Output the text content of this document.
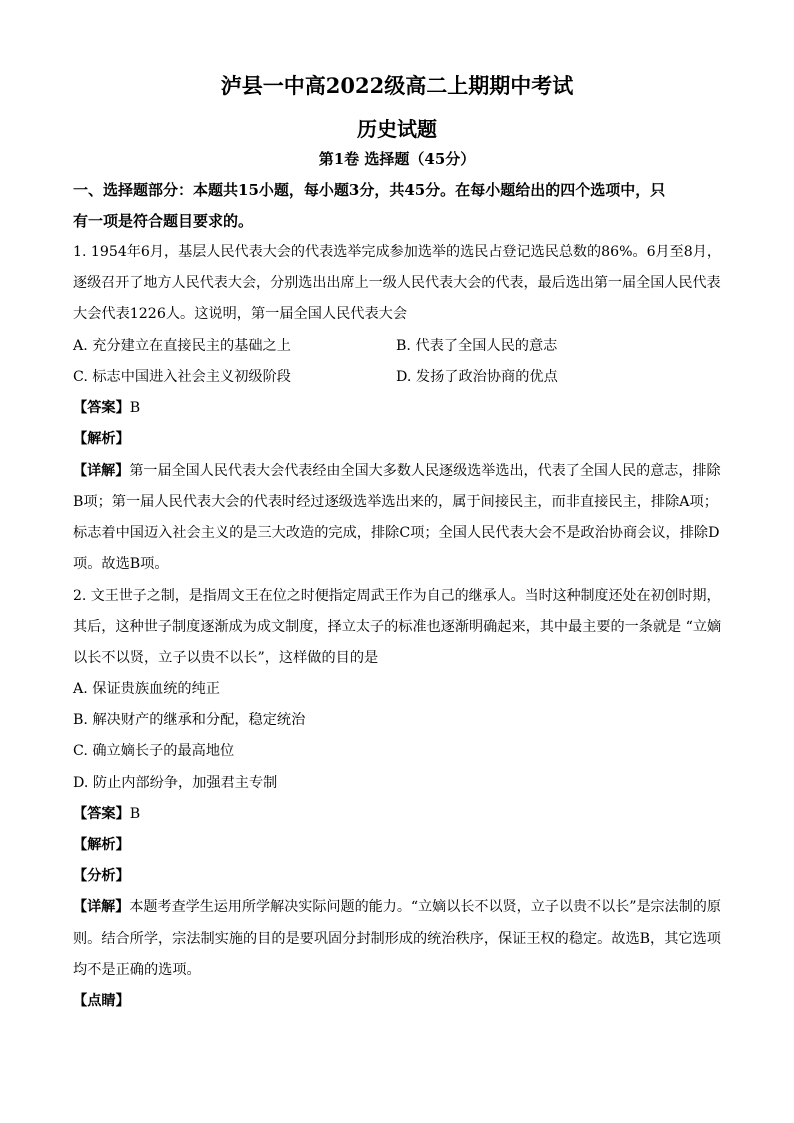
泸县一中高2022级高二上期期中考试
历史试题
第1卷 选择题（45分）
一、选择题部分：本题共15小题，每小题3分，共45分。在每小题给出的四个选项中，只
有一项是符合题目要求的。
1. 1954年6月，基层人民代表大会的代表选举完成参加选举的选民占登记选民总数的86%。6月至8月，
逐级召开了地方人民代表大会，分别选出出席上一级人民代表大会的代表，最后选出第一届全国人民代表
大会代表1226人。这说明，第一届全国人民代表大会
A. 充分建立在直接民主的基础之上	B. 代表了全国人民的意志
C. 标志中国进入社会主义初级阶段	D. 发扬了政治协商的优点
【答案】B
【解析】
【详解】第一届全国人民代表大会代表经由全国大多数人民逐级选举选出，代表了全国人民的意志，排除
B项；第一届人民代表大会的代表时经过逐级选举选出来的，属于间接民主，而非直接民主，排除A项；
标志着中国迈入社会主义的是三大改造的完成，排除C项；全国人民代表大会不是政治协商会议，排除D
项。故选B项。
2. 文王世子之制，是指周文王在位之时便指定周武王作为自己的继承人。当时这种制度还处在初创时期，
其后，这种世子制度逐渐成为成文制度，择立太子的标准也逐渐明确起来，其中最主要的一条就是 “立嫡
以长不以贤，立子以贵不以长”，这样做的目的是
A. 保证贵族血统的纯正
B. 解决财产的继承和分配，稳定统治
C. 确立嫡长子的最高地位
D. 防止内部纷争，加强君主专制
【答案】B
【解析】
【分析】
【详解】本题考查学生运用所学解决实际问题的能力。“立嫡以长不以贤，立子以贵不以长”是宗法制的原
则。结合所学，宗法制实施的目的是要巩固分封制形成的统治秩序，保证王权的稳定。故选B，其它选项
均不是正确的选项。
【点睛】
